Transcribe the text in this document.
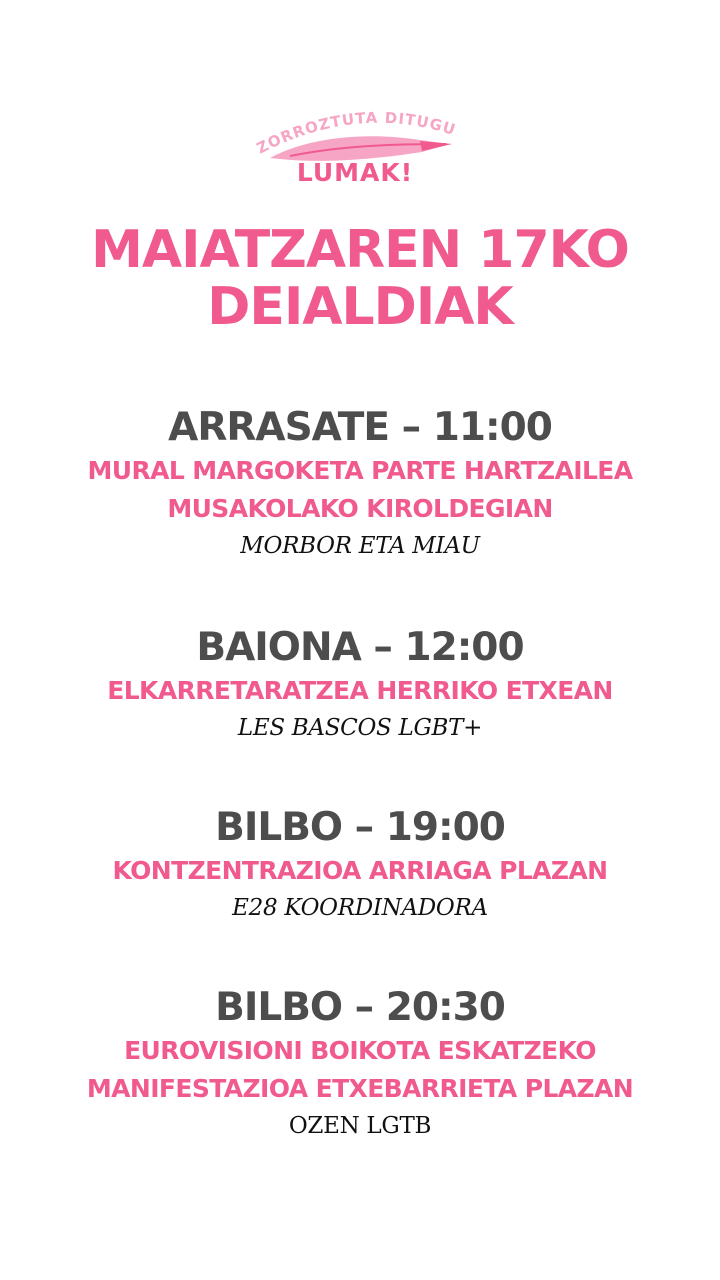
ZORROZTUTA DITUGU
LUMAK!
MAIATZAREN 17KO
DEIALDIAK
ARRASATE – 11:00
MURAL MARGOKETA PARTE HARTZAILEA
MUSAKOLAKO KIROLDEGIAN
MORBOR ETA MIAU
BAIONA – 12:00
ELKARRETARATZEA HERRIKO ETXEAN
LES BASCOS LGBT+
BILBO – 19:00
KONTZENTRAZIOA ARRIAGA PLAZAN
E28 KOORDINADORA
BILBO – 20:30
EUROVISIONI BOIKOTA ESKATZEKO
MANIFESTAZIOA ETXEBARRIETA PLAZAN
OZEN LGTB
